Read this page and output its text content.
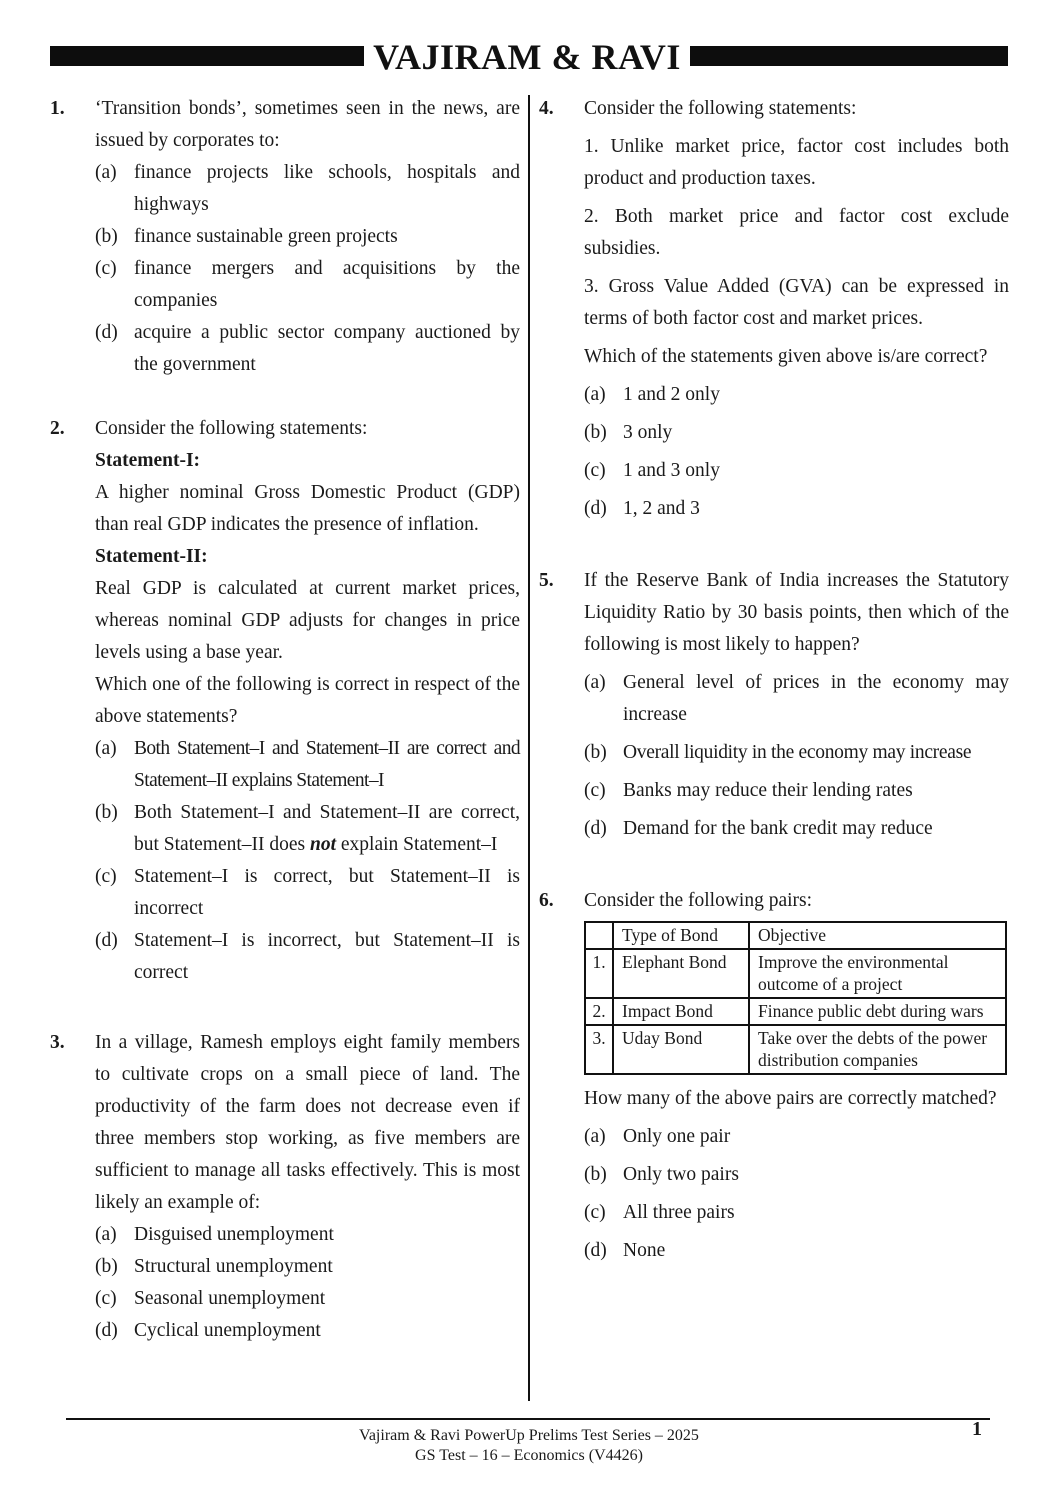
VAJIRAM & RAVI
1. ‘Transition bonds’, sometimes seen in the news, are issued by corporates to:
(a) finance projects like schools, hospitals and highways
(b) finance sustainable green projects
(c) finance mergers and acquisitions by the companies
(d) acquire a public sector company auctioned by the government
2. Consider the following statements:
Statement-I:
A higher nominal Gross Domestic Product (GDP) than real GDP indicates the presence of inflation.
Statement-II:
Real GDP is calculated at current market prices, whereas nominal GDP adjusts for changes in price levels using a base year.
Which one of the following is correct in respect of the above statements?
(a) Both Statement–I and Statement–II are correct and Statement–II explains Statement–I
(b) Both Statement–I and Statement–II are correct, but Statement–II does not explain Statement–I
(c) Statement–I is correct, but Statement–II is incorrect
(d) Statement–I is incorrect, but Statement–II is correct
3. In a village, Ramesh employs eight family members to cultivate crops on a small piece of land. The productivity of the farm does not decrease even if three members stop working, as five members are sufficient to manage all tasks effectively. This is most likely an example of:
(a) Disguised unemployment
(b) Structural unemployment
(c) Seasonal unemployment
(d) Cyclical unemployment
4. Consider the following statements:
1. Unlike market price, factor cost includes both product and production taxes.
2. Both market price and factor cost exclude subsidies.
3. Gross Value Added (GVA) can be expressed in terms of both factor cost and market prices.
Which of the statements given above is/are correct?
(a) 1 and 2 only
(b) 3 only
(c) 1 and 3 only
(d) 1, 2 and 3
5. If the Reserve Bank of India increases the Statutory Liquidity Ratio by 30 basis points, then which of the following is most likely to happen?
(a) General level of prices in the economy may increase
(b) Overall liquidity in the economy may increase
(c) Banks may reduce their lending rates
(d) Demand for the bank credit may reduce
6. Consider the following pairs:
	Type of Bond	Objective
1.	Elephant Bond	Improve the environmental outcome of a project
2.	Impact Bond	Finance public debt during wars
3.	Uday Bond	Take over the debts of the power distribution companies
How many of the above pairs are correctly matched?
(a) Only one pair
(b) Only two pairs
(c) All three pairs
(d) None
Vajiram & Ravi PowerUp Prelims Test Series – 2025
GS Test – 16 – Economics (V4426)
1
